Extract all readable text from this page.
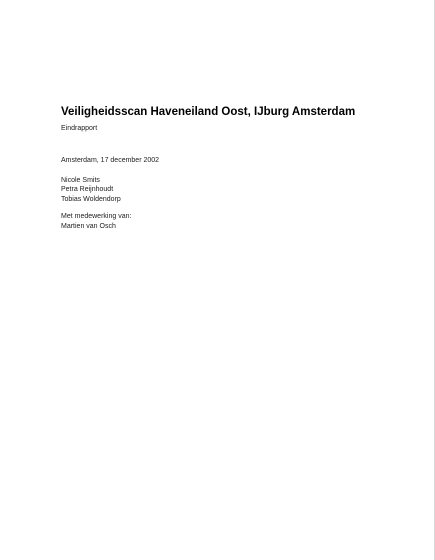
Veiligheidsscan Haveneiland Oost, IJburg Amsterdam
Eindrapport
Amsterdam, 17 december 2002
Nicole Smits
Petra Reijnhoudt
Tobias Woldendorp
Met medewerking van:
Martien van Osch
